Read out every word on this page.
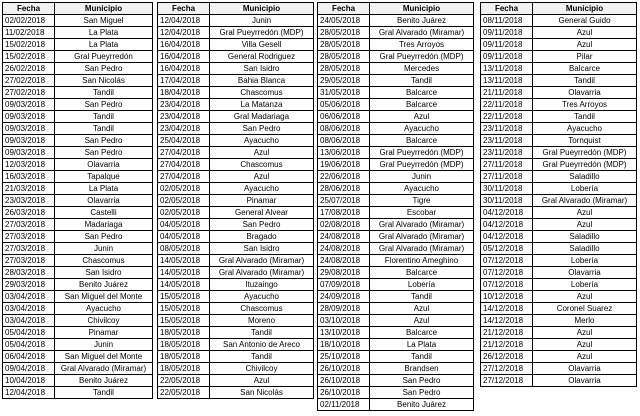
Fecha	Municipio
02/02/2018	San Miguel
11/02/2018	La Plata
15/02/2018	La Plata
15/02/2018	Gral Pueyrredón
26/02/2018	San Pedro
27/02/2018	San Nicolás
27/02/2018	Tandil
09/03/2018	San Pedro
09/03/2018	Tandil
09/03/2018	Tandil
09/03/2018	San Pedro
09/03/2018	San Pedro
12/03/2018	Olavarria
16/03/2018	Tapalque
21/03/2018	La Plata
23/03/2018	Olavarria
26/03/2018	Castelli
27/03/2018	Madariaga
27/03/2018	San Pedro
27/03/2018	Junin
27/03/2018	Chascomus
28/03/2018	San Isidro
29/03/2018	Benito Juárez
03/04/2018	San Miguel del Monte
03/04/2018	Ayacucho
03/04/2018	Chivilcoy
05/04/2018	Pinamar
05/04/2018	Junin
06/04/2018	San Miguel del Monte
09/04/2018	Gral Alvarado (Miramar)
10/04/2018	Benito Juárez
12/04/2018	Tandil
Fecha	Municipio
12/04/2018	Junin
12/04/2018	Gral Pueyrredón (MDP)
16/04/2018	Villa Gesell
16/04/2018	General Rodriguez
16/04/2018	San Isidro
17/04/2018	Bahia Blanca
18/04/2018	Chascomus
23/04/2018	La Matanza
23/04/2018	Gral Madariaga
23/04/2018	San Pedro
25/04/2018	Ayacucho
27/04/2018	Azul
27/04/2018	Chascomus
27/04/2018	Azul
02/05/2018	Ayacucho
02/05/2018	Pinamar
02/05/2018	General Alvear
04/05/2018	San Pedro
04/05/2018	Bragado
08/05/2018	San Isidro
14/05/2018	Gral Alvarado (Miramar)
14/05/2018	Gral Alvarado (Miramar)
14/05/2018	Ituzaingo
15/05/2018	Ayacucho
15/05/2018	Chascomus
15/05/2018	Moreno
18/05/2018	Tandil
18/05/2018	San Antonio de Areco
18/05/2018	Tandil
18/05/2018	Chivilcoy
22/05/2018	Azul
22/05/2018	San Nicolás
Fecha	Municipio
24/05/2018	Benito Juárez
28/05/2018	Gral Alvarado (Miramar)
28/05/2018	Tres Arroyos
28/05/2018	Gral Pueyrredón (MDP)
28/05/2018	Mercedes
29/05/2018	Tandil
31/05/2018	Balcarce
05/06/2018	Balcarce
06/06/2018	Azul
08/06/2018	Ayacucho
08/06/2018	Balcarce
13/06/2018	Gral Pueyrredón (MDP)
19/06/2018	Gral Pueyrredón (MDP)
22/06/2018	Junin
28/06/2018	Ayacucho
25/07/2018	Tigre
17/08/2018	Escobar
02/08/2018	Gral Alvarado (Miramar)
24/08/2018	Gral Alvarado (Miramar)
24/08/2018	Gral Alvarado (Miramar)
24/08/2018	Florentino Ameghino
29/08/2018	Balcarce
07/09/2018	Lobería
24/09/2018	Tandil
28/09/2018	Azul
03/10/2018	Azul
13/10/2018	Balcarce
18/10/2018	La Plata
25/10/2018	Tandil
26/10/2018	Brandsen
26/10/2018	San Pedro
26/10/2018	San Pedro
02/11/2018	Benito Juárez
Fecha	Municipio
08/11/2018	General Guido
09/11/2018	Azul
09/11/2018	Azul
09/11/2018	Pilar
13/11/2018	Balcarce
13/11/2018	Tandil
21/11/2018	Olavarria
22/11/2018	Tres Arroyos
22/11/2018	Tandil
23/11/2018	Ayacucho
23/11/2018	Tornquist
23/11/2018	Gral Pueyrredón (MDP)
27/11/2018	Gral Pueyrredón (MDP)
27/11/2018	Saladillo
30/11/2018	Lobería
30/11/2018	Gral Alvarado (Miramar)
04/12/2018	Azul
04/12/2018	Azul
04/12/2018	Saladillo
05/12/2018	Saladillo
07/12/2018	Lobería
07/12/2018	Olavarria
07/12/2018	Lobería
10/12/2018	Azul
14/12/2018	Coronel Suarez
14/12/2018	Merlo
21/12/2018	Azul
21/12/2018	Azul
26/12/2018	Azul
27/12/2018	Olavarria
27/12/2018	Olavarria
